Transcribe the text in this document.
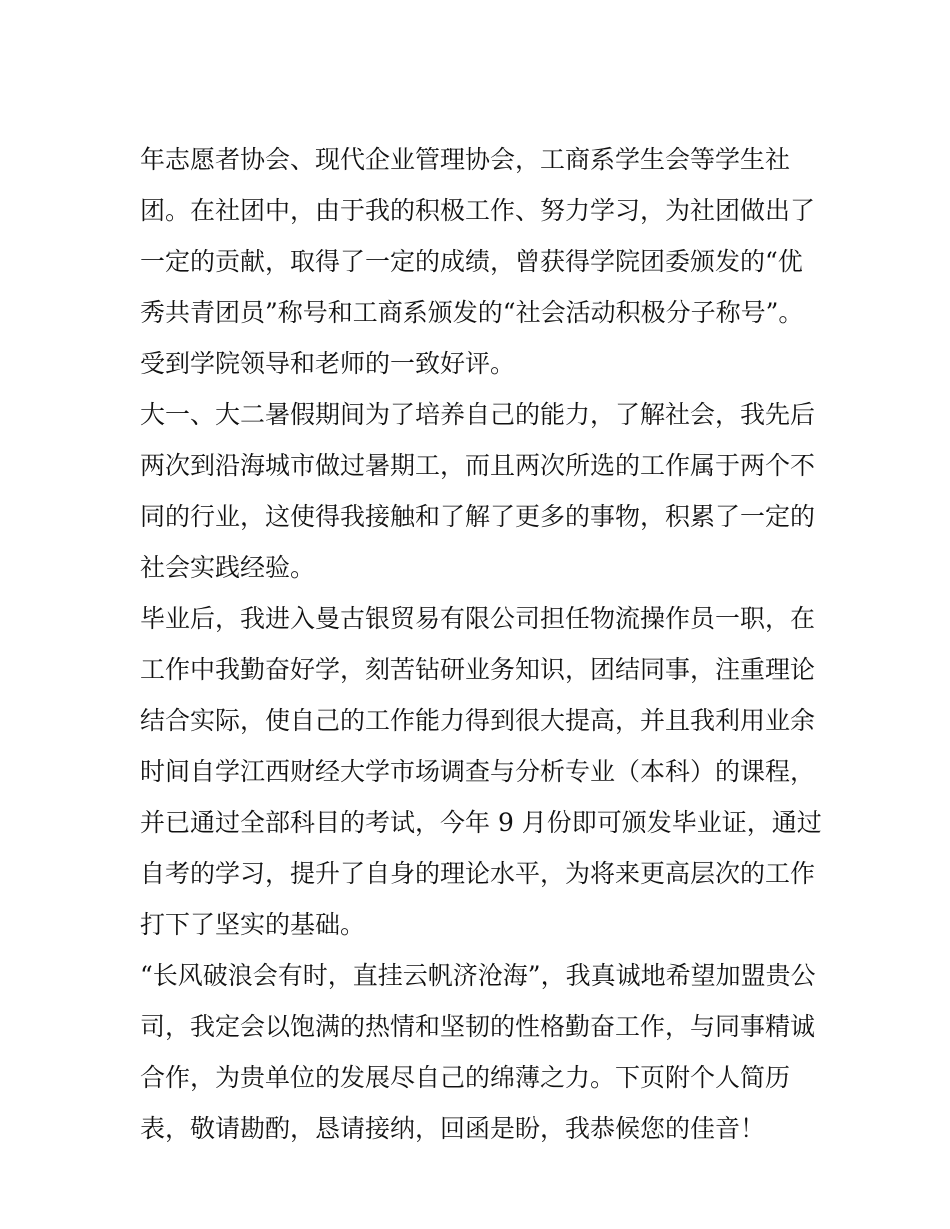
年志愿者协会、现代企业管理协会，工商系学生会等学生社
团。在社团中，由于我的积极工作、努力学习，为社团做出了
一定的贡献，取得了一定的成绩，曾获得学院团委颁发的“优
秀共青团员”称号和工商系颁发的“社会活动积极分子称号”。
受到学院领导和老师的一致好评。
大一、大二暑假期间为了培养自己的能力，了解社会，我先后
两次到沿海城市做过暑期工，而且两次所选的工作属于两个不
同的行业，这使得我接触和了解了更多的事物，积累了一定的
社会实践经验。
毕业后，我进入曼古银贸易有限公司担任物流操作员一职，在
工作中我勤奋好学，刻苦钻研业务知识，团结同事，注重理论
结合实际，使自己的工作能力得到很大提高，并且我利用业余
时间自学江西财经大学市场调查与分析专业（本科）的课程，
并已通过全部科目的考试，今年 9 月份即可颁发毕业证，通过
自考的学习，提升了自身的理论水平，为将来更高层次的工作
打下了坚实的基础。
“长风破浪会有时，直挂云帆济沧海”，我真诚地希望加盟贵公
司，我定会以饱满的热情和坚韧的性格勤奋工作，与同事精诚
合作，为贵单位的发展尽自己的绵薄之力。下页附个人简历
表，敬请勘酌，恳请接纳，回函是盼，我恭候您的佳音！
